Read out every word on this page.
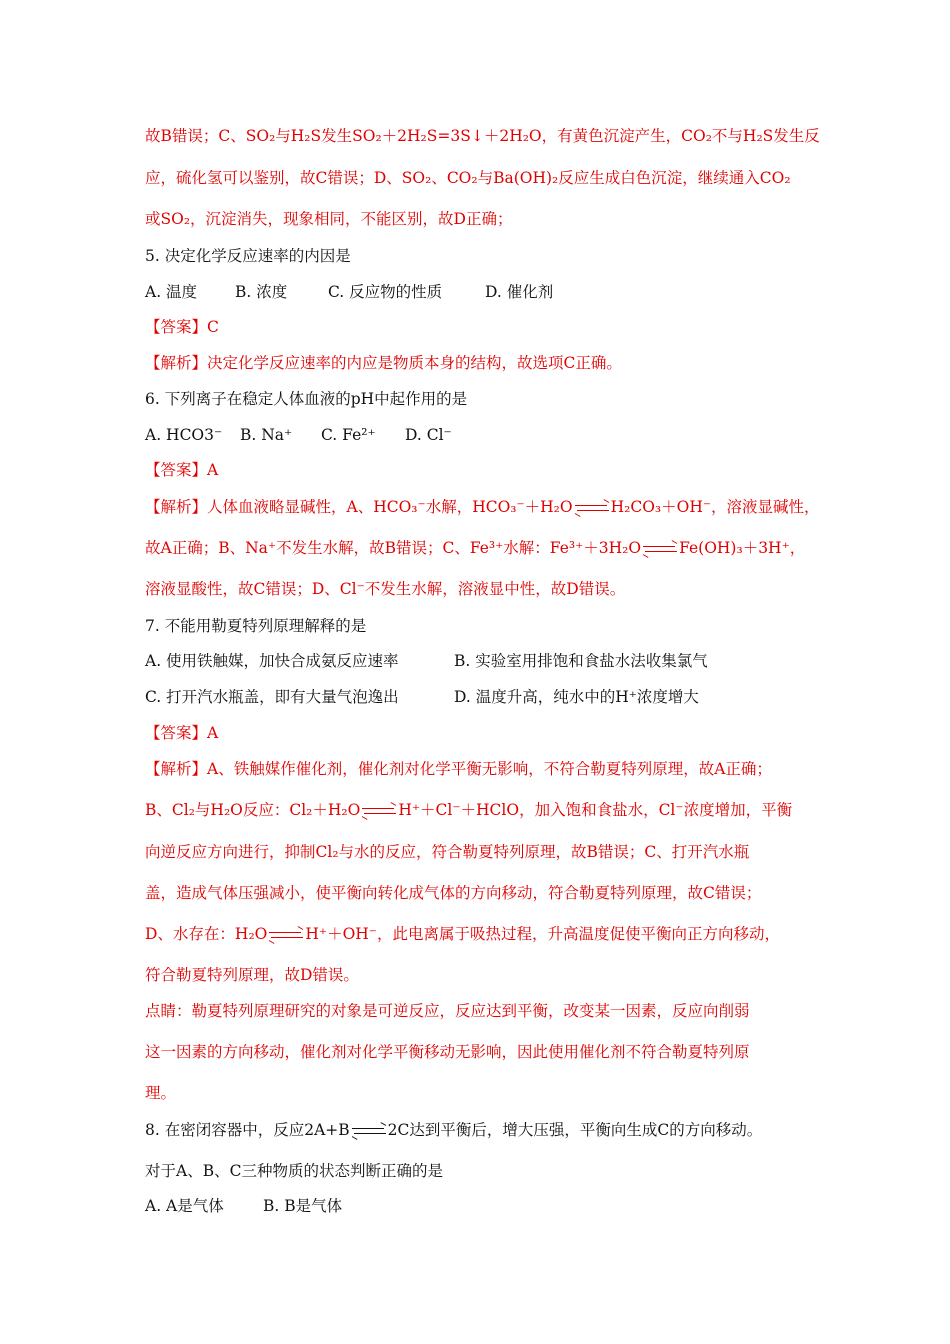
故B错误；C、SO₂与H₂S发生SO₂＋2H₂S=3S↓＋2H₂O，有黄色沉淀产生，CO₂不与H₂S发生反
应，硫化氢可以鉴别，故C错误；D、SO₂、CO₂与Ba(OH)₂反应生成白色沉淀，继续通入CO₂
或SO₂，沉淀消失，现象相同，不能区别，故D正确；
5. 决定化学反应速率的内因是
A. 温度 B. 浓度	C. 反应物的性质	D. 催化剂
【答案】C
【解析】决定化学反应速率的内应是物质本身的结构，故选项C正确。
6. 下列离子在稳定人体血液的pH中起作用的是
A. HCO3⁻ B. Na⁺ C. Fe²⁺ D. Cl⁻
【答案】A
【解析】人体血液略显碱性，A、HCO₃⁻水解，HCO₃⁻＋H₂O H₂CO₃＋OH⁻，溶液显碱性，
故A正确；B、Na⁺不发生水解，故B错误；C、Fe³⁺水解：Fe³⁺＋3H₂O Fe(OH)₃＋3H⁺，
溶液显酸性，故C错误；D、Cl⁻不发生水解，溶液显中性，故D错误。
7. 不能用勒夏特列原理解释的是
A. 使用铁触媒，加快合成氨反应速率	B. 实验室用排饱和食盐水法收集氯气
C. 打开汽水瓶盖，即有大量气泡逸出	D. 温度升高，纯水中的H⁺浓度增大
【答案】A
【解析】A、铁触媒作催化剂，催化剂对化学平衡无影响，不符合勒夏特列原理，故A正确；
B、Cl₂与H₂O反应：Cl₂＋H₂O H⁺＋Cl⁻＋HClO，加入饱和食盐水，Cl⁻浓度增加，平衡
向逆反应方向进行，抑制Cl₂与水的反应，符合勒夏特列原理，故B错误；C、打开汽水瓶
盖，造成气体压强减小，使平衡向转化成气体的方向移动，符合勒夏特列原理，故C错误；
D、水存在：H₂O H⁺＋OH⁻，此电离属于吸热过程，升高温度促使平衡向正方向移动，
符合勒夏特列原理，故D错误。
点睛：勒夏特列原理研究的对象是可逆反应，反应达到平衡，改变某一因素，反应向削弱
这一因素的方向移动，催化剂对化学平衡移动无影响，因此使用催化剂不符合勒夏特列原
理。
8. 在密闭容器中，反应2A+B 2C达到平衡后，增大压强，平衡向生成C的方向移动。
对于A、B、C三种物质的状态判断正确的是
A. A是气体	B. B是气体
